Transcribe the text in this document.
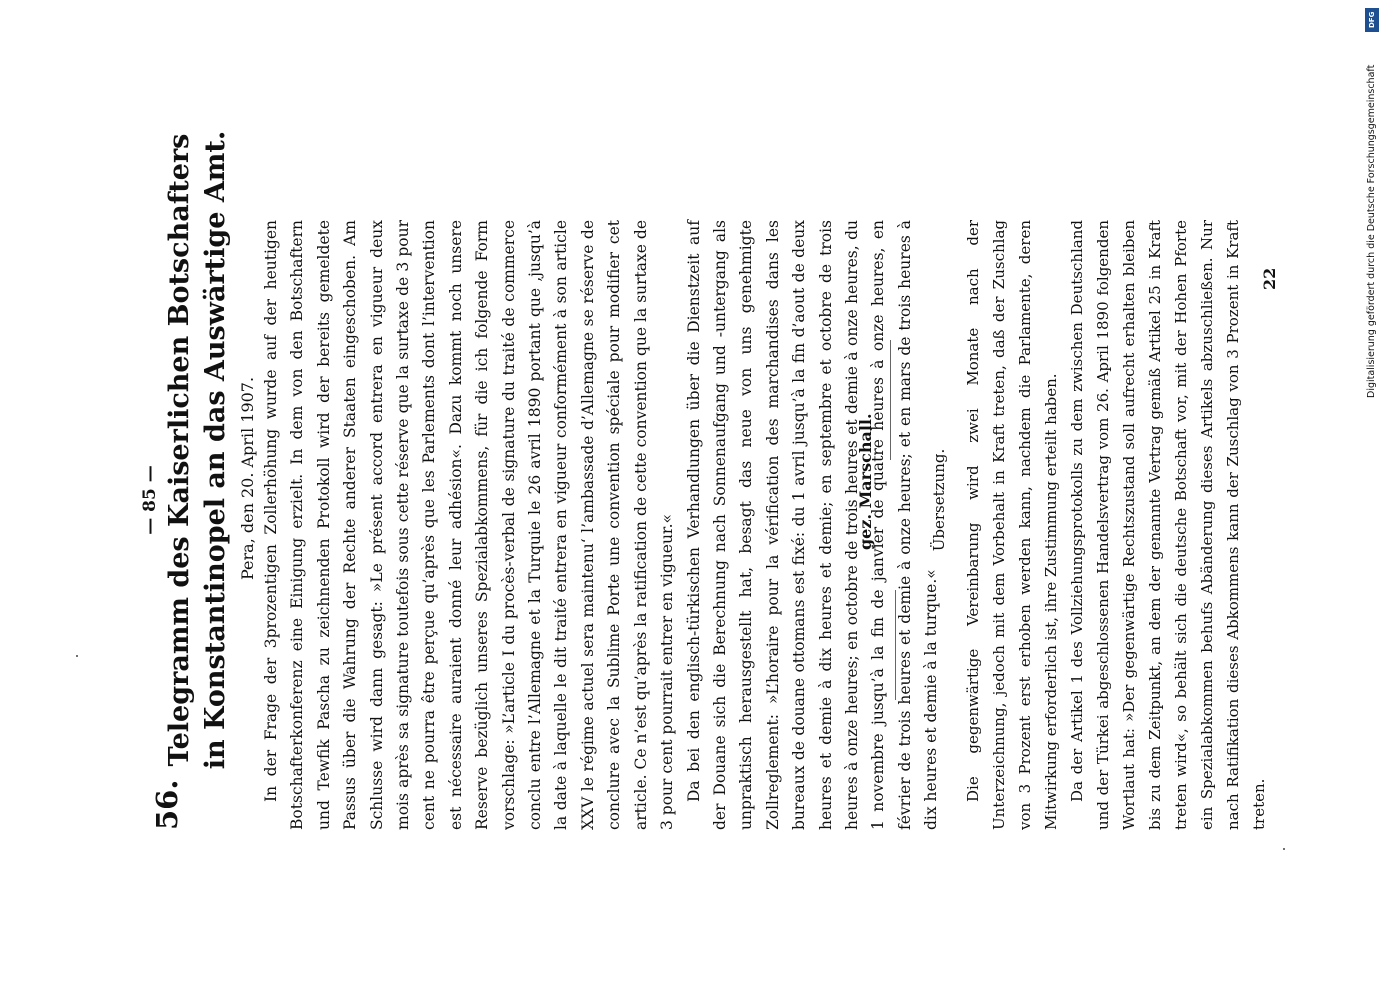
— 85 —
56.
Telegramm des Kaiserlichen Botschafters in Konstantinopel an das Auswärtige Amt. Pera, den 20. April 1907. In der Frage der 3prozentigen Zollerhöhung wurde auf der heutigen Botschafterkonferenz eine Einigung erzielt. In dem von den Botschaftern und Tewfik Pascha zu zeichnenden Protokoll wird der bereits gemeldete Passus über die Wahrung der Rechte anderer Staaten eingeschoben. Am Schlusse wird dann gesagt: »Le présent accord entrera en vigueur deux mois après sa signature toutefois sous cette réserve que la surtaxe de 3 pour cent ne pourra être perçue qu’après que les Parlements dont l’intervention est nécessaire auraient donné leur adhésion«. Dazu kommt noch unsere Reserve bezüglich unseres Spezialabkommens, für die ich folgende Form vorschlage: »L’article I du procès-verbal de signature du traité de commerce conclu entre l’Allemagne et la Turquie le 26 avril 1890 portant que ‚jusqu’à la date à laquelle le dit traité entrera en vigueur conformément à son article XXV le régime actuel sera maintenu‘ l’ambassade d’Allemagne se réserve de conclure avec la Sublime Porte une convention spéciale pour modifier cet article. Ce n’est qu’après la ratification de cette convention que la surtaxe de 3 pour cent pourrait entrer en vigueur.« Da bei den englisch-türkischen Verhandlungen über die Dienstzeit auf der Douane sich die Berechnung nach Sonnenaufgang und -untergang als unpraktisch herausgestellt hat, besagt das neue von uns genehmigte Zollreglement: »L’horaire pour la vérification des marchandises dans les bureaux de douane ottomans est fixé: du 1 avril jusqu’à la fin d’aout de deux heures et demie à dix heures et demie; en septembre et octobre de trois heures à onze heures; en octobre de trois heures et demie à onze heures, du 1 novembre jusqu’à la fin de janvier de quatre heures à onze heures, en février de trois heures et demie à onze heures; et en mars de trois heures à dix heures et demie à la turque.«

gez. Marschall.	Übersetzung. Die gegenwärtige Vereinbarung wird zwei Monate nach der Unterzeichnung, jedoch mit dem Vorbehalt in Kraft treten, daß der Zuschlag von 3 Prozent erst erhoben werden kann, nachdem die Parlamente, deren Mitwirkung erforderlich ist, ihre Zustimmung erteilt haben. Da der Artikel 1 des Vollziehungsprotokolls zu dem zwischen Deutschland und der Türkei abgeschlossenen Handelsvertrag vom 26. April 1890 folgenden Wortlaut hat: »Der gegenwärtige Rechtszustand soll aufrecht erhalten bleiben bis zu dem Zeitpunkt, an dem der genannte Vertrag gemäß Artikel 25 in Kraft treten wird«, so behält sich die deutsche Botschaft vor, mit der Hohen Pforte ein Spezialabkommen behufs Abänderung dieses Artikels abzuschließen. Nur nach Ratifikation dieses Abkommens kann der Zuschlag von 3 Prozent in Kraft treten.

22
DFG
Digitalisierung gefördert durch die Deutsche Forschungsgemeinschaft
